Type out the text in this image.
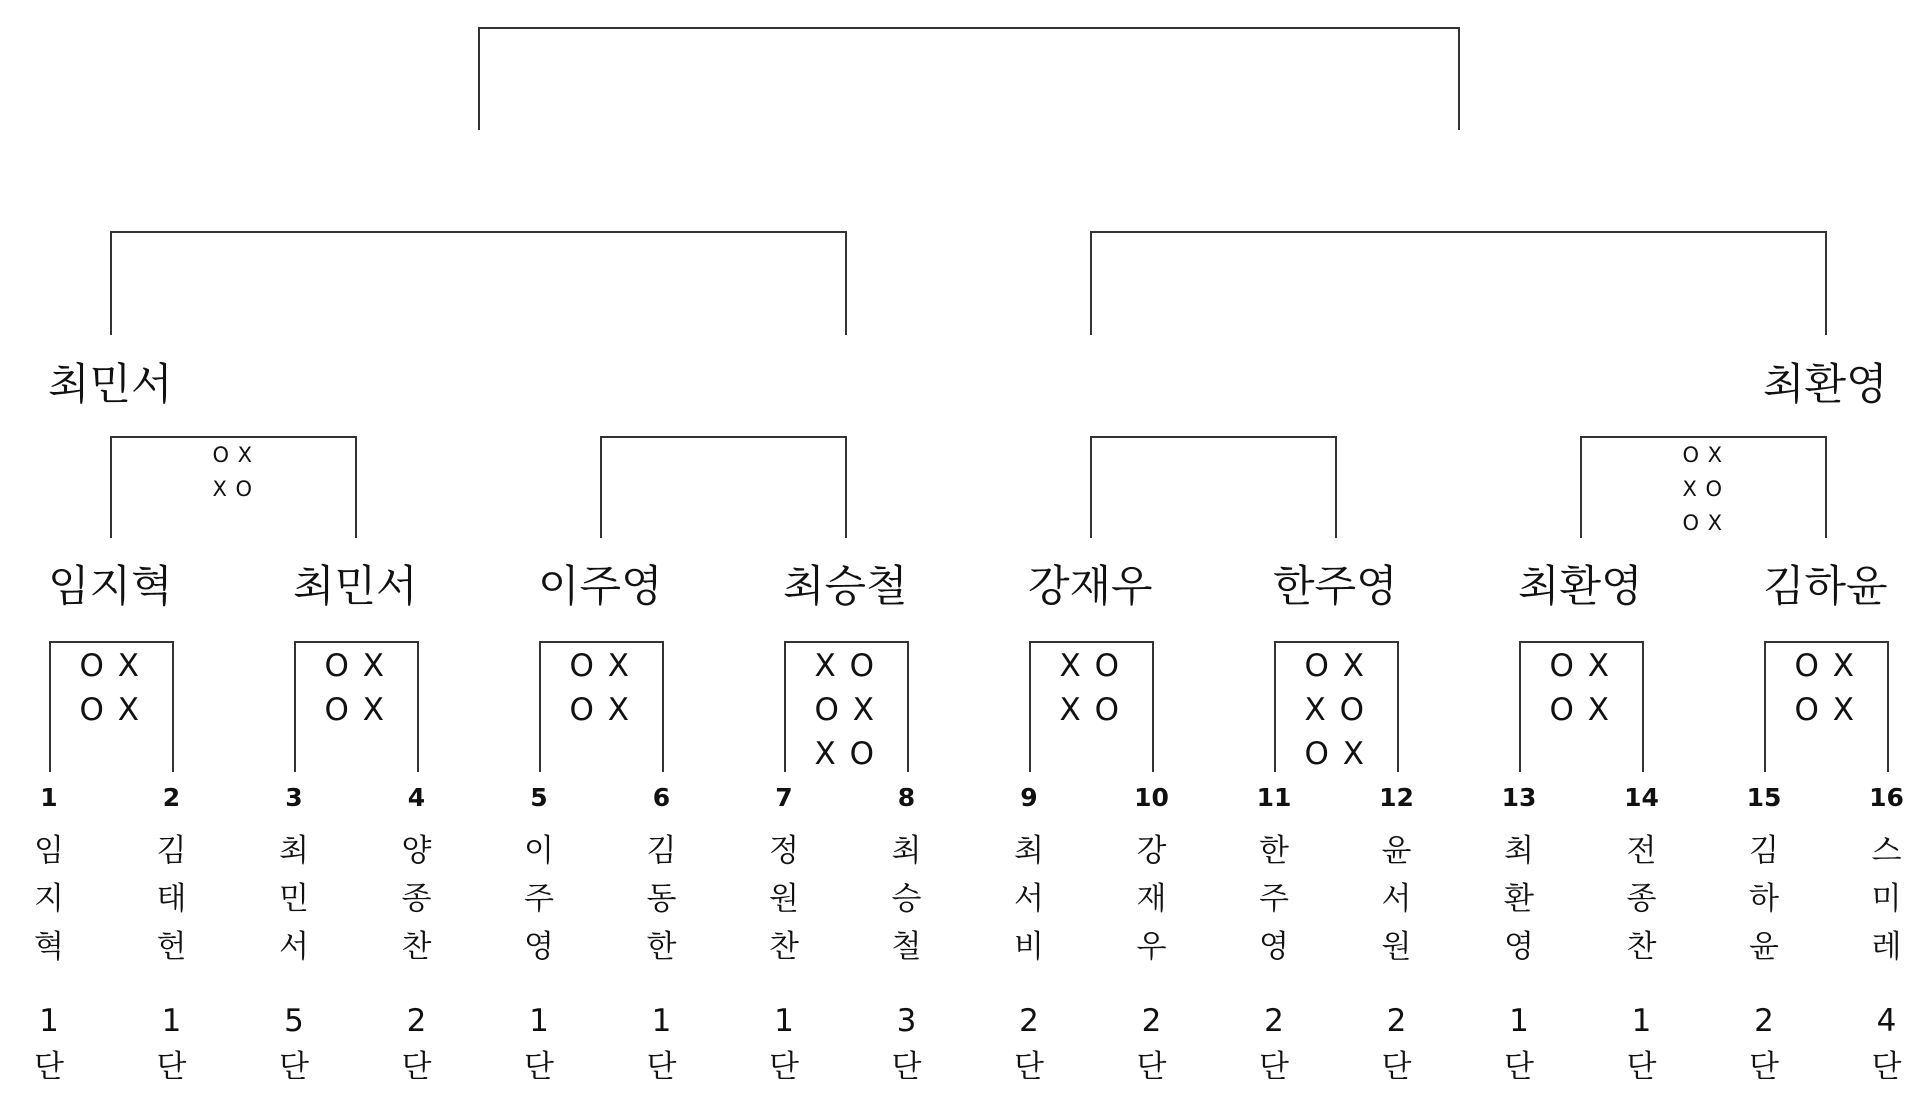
1
임
지
혁
1
단
2
김
태
헌
1
단
3
최
민
서
5
단
4
양
종
찬
2
단
5
이
주
영
1
단
6
김
동
한
1
단
7
정
원
찬
1
단
8
최
승
철
3
단
9
최
서
비
2
단
10
강
재
우
2
단
11
한
주
영
2
단
12
윤
서
원
2
단
13
최
환
영
1
단
14
전
종
찬
1
단
15
김
하
윤
2
단
16
스
미
레
4
단
O X
O X
임지혁
O X
O X
최민서
O X
O X
이주영
X O
O X
X O
최승철
X O
X O
강재우
O X
X O
O X
한주영
O X
O X
최환영
O X
O X
김하윤
O X
X O
최민서
O X
X O
O X
최환영
